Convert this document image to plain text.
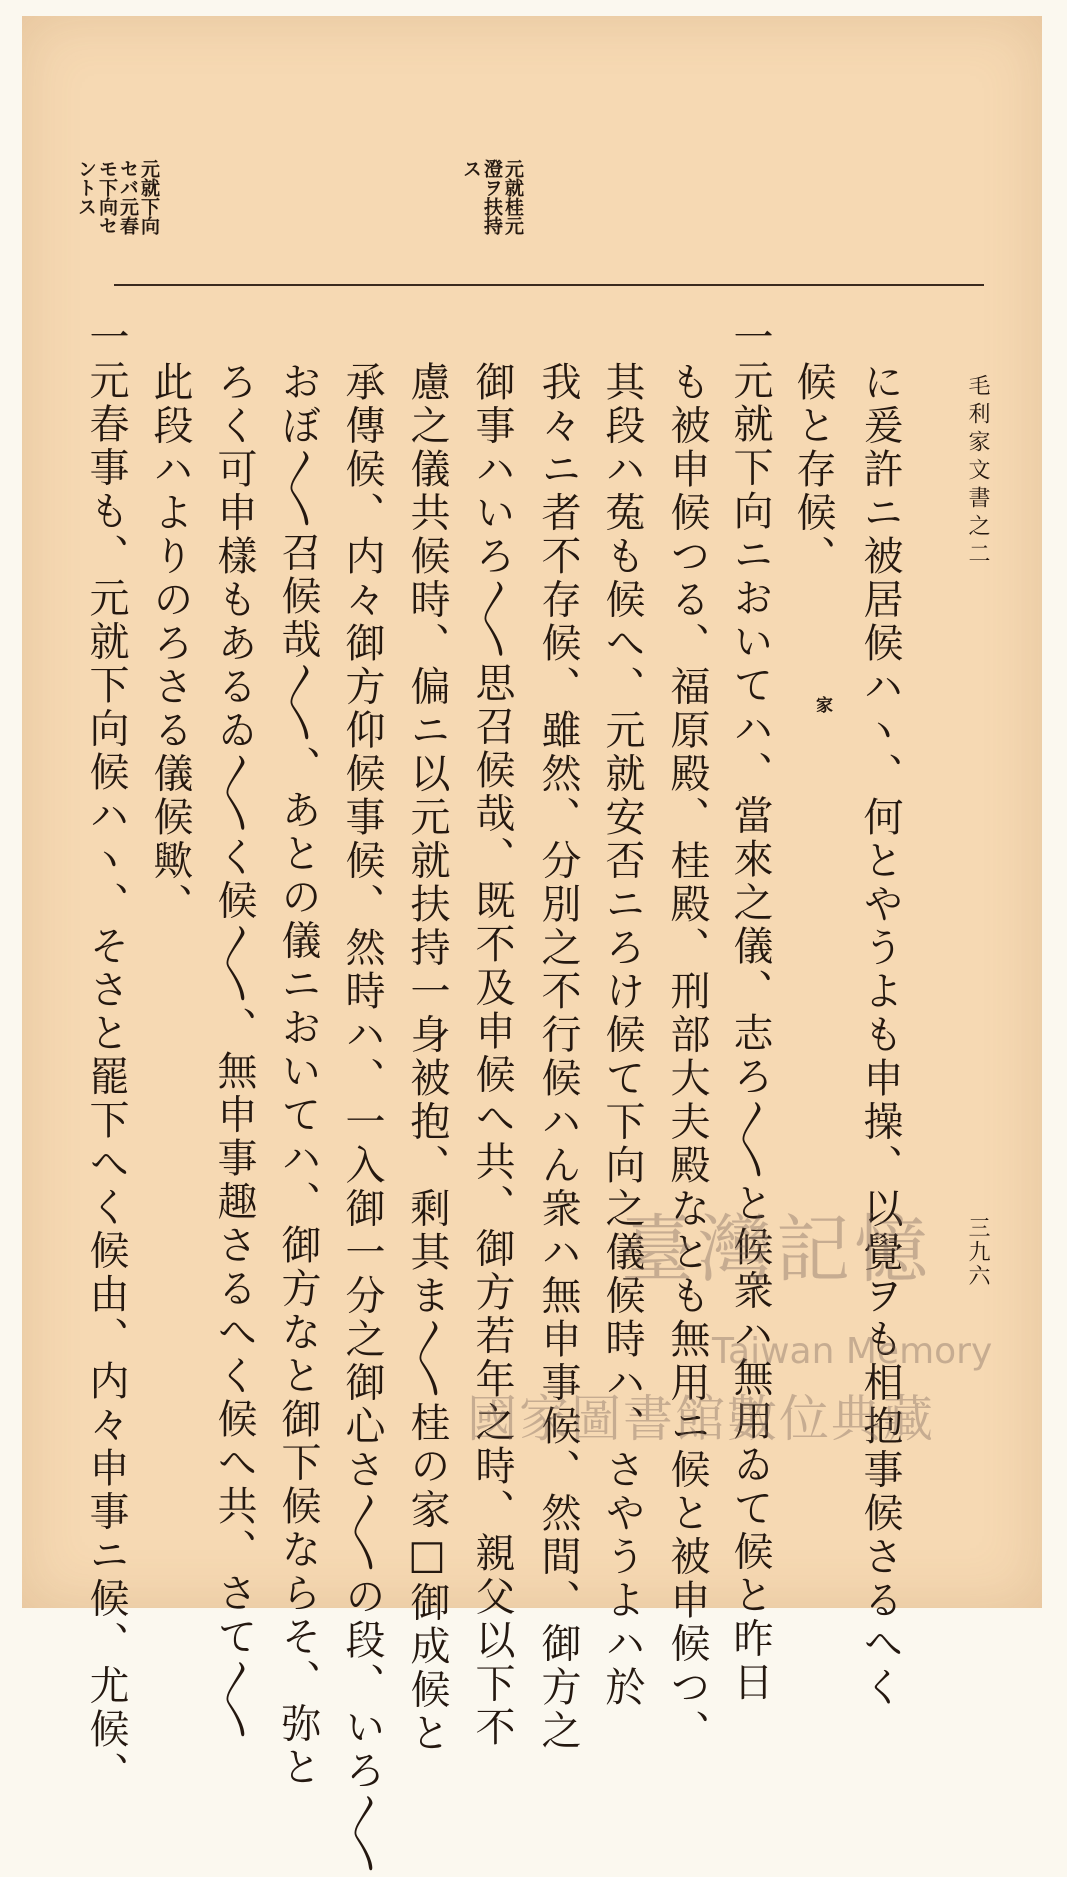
毛利家文書之二
三九六
元就桂元
澄ヲ扶持
ス
元就下向
セバ元春
モ下向セ
ントス
に爰許ニ被居候ハヽ、何とやうよも申操、以覺ヲも相抱事候さるへく
候と存候、
一元就下向ニおいてハ、當來之儀、志ろ〳〵と候衆ハ無用ゐて候と昨日
も被申候つる、福原殿、桂殿、刑部大夫殿なとも無用ニ候と被申候つ、
其段ハ菟も候へ、元就安否ニろけ候て下向之儀候時ハ、さやうよハ於
我々ニ者不存候、雖然、分別之不行候ハん衆ハ無申事候、然間、御方之
御事ハいろ〳〵思召候哉、既不及申候へ共、御方若年之時、親父以下不
慮之儀共候時、偏ニ以元就扶持一身被抱、剩其ま〳〵桂の家□御成候と
承傳候、内々御方仰候事候、然時ハ、一入御一分之御心さ〳〵の段、いろ〳〵
おぼ〳〵召候哉〳〵、あとの儀ニおいてハ、御方なと御下候ならそ、弥と
ろく可申樣もあるゐ〳〵く候〳〵、無申事趣さるへく候へ共、さて〳〵
此段ハよりのろさる儀候歟、
一元春事も、元就下向候ハヽ、そさと罷下へく候由、内々申事ニ候、尤候、	家
臺灣記憶
Taiwan Memory
國家圖書館數位典藏
